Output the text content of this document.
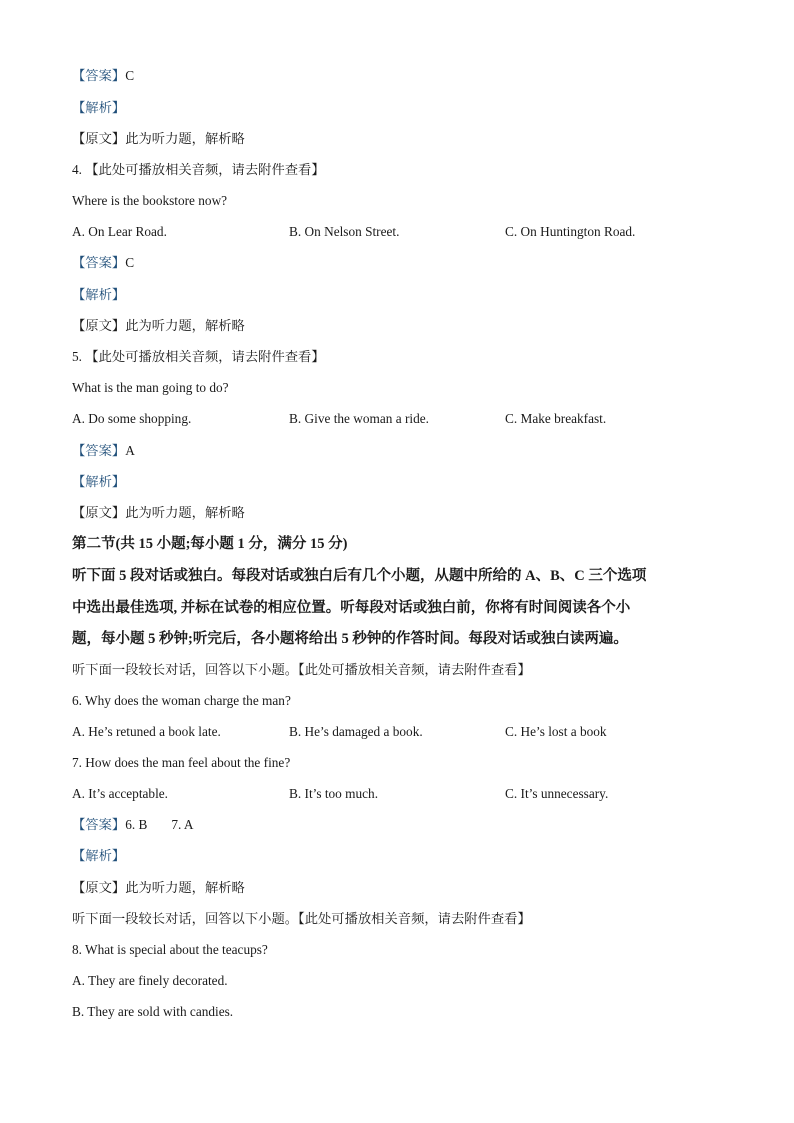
【答案】C
【解析】
【原文】此为听力题，解析略
4. 【此处可播放相关音频，请去附件查看】
Where is the bookstore now?
A. On Lear Road.	B. On Nelson Street.	C. On Huntington Road.
【答案】C
【解析】
【原文】此为听力题，解析略
5. 【此处可播放相关音频，请去附件查看】
What is the man going to do?
A. Do some shopping.	B. Give the woman a ride.	C. Make breakfast.
【答案】A
【解析】
【原文】此为听力题，解析略
第二节(共 15 小题;每小题 1 分，满分 15 分)
听下面 5 段对话或独白。每段对话或独白后有几个小题，从题中所给的 A、B、C 三个选项
中选出最佳选项, 并标在试卷的相应位置。听每段对话或独白前，你将有时间阅读各个小
题，每小题 5 秒钟;听完后，各小题将给出 5 秒钟的作答时间。每段对话或独白读两遍。
听下面一段较长对话，回答以下小题。【此处可播放相关音频，请去附件查看】
6. Why does the woman charge the man?
A. He’s retuned a book late.	B. He’s damaged a book.	C. He’s lost a book
7. How does the man feel about the fine?
A. It’s acceptable.	B. It’s too much.	C. It’s unnecessary.
【答案】6. B 7. A
【解析】
【原文】此为听力题，解析略
听下面一段较长对话，回答以下小题。【此处可播放相关音频，请去附件查看】
8. What is special about the teacups?
A. They are finely decorated.
B. They are sold with candies.
